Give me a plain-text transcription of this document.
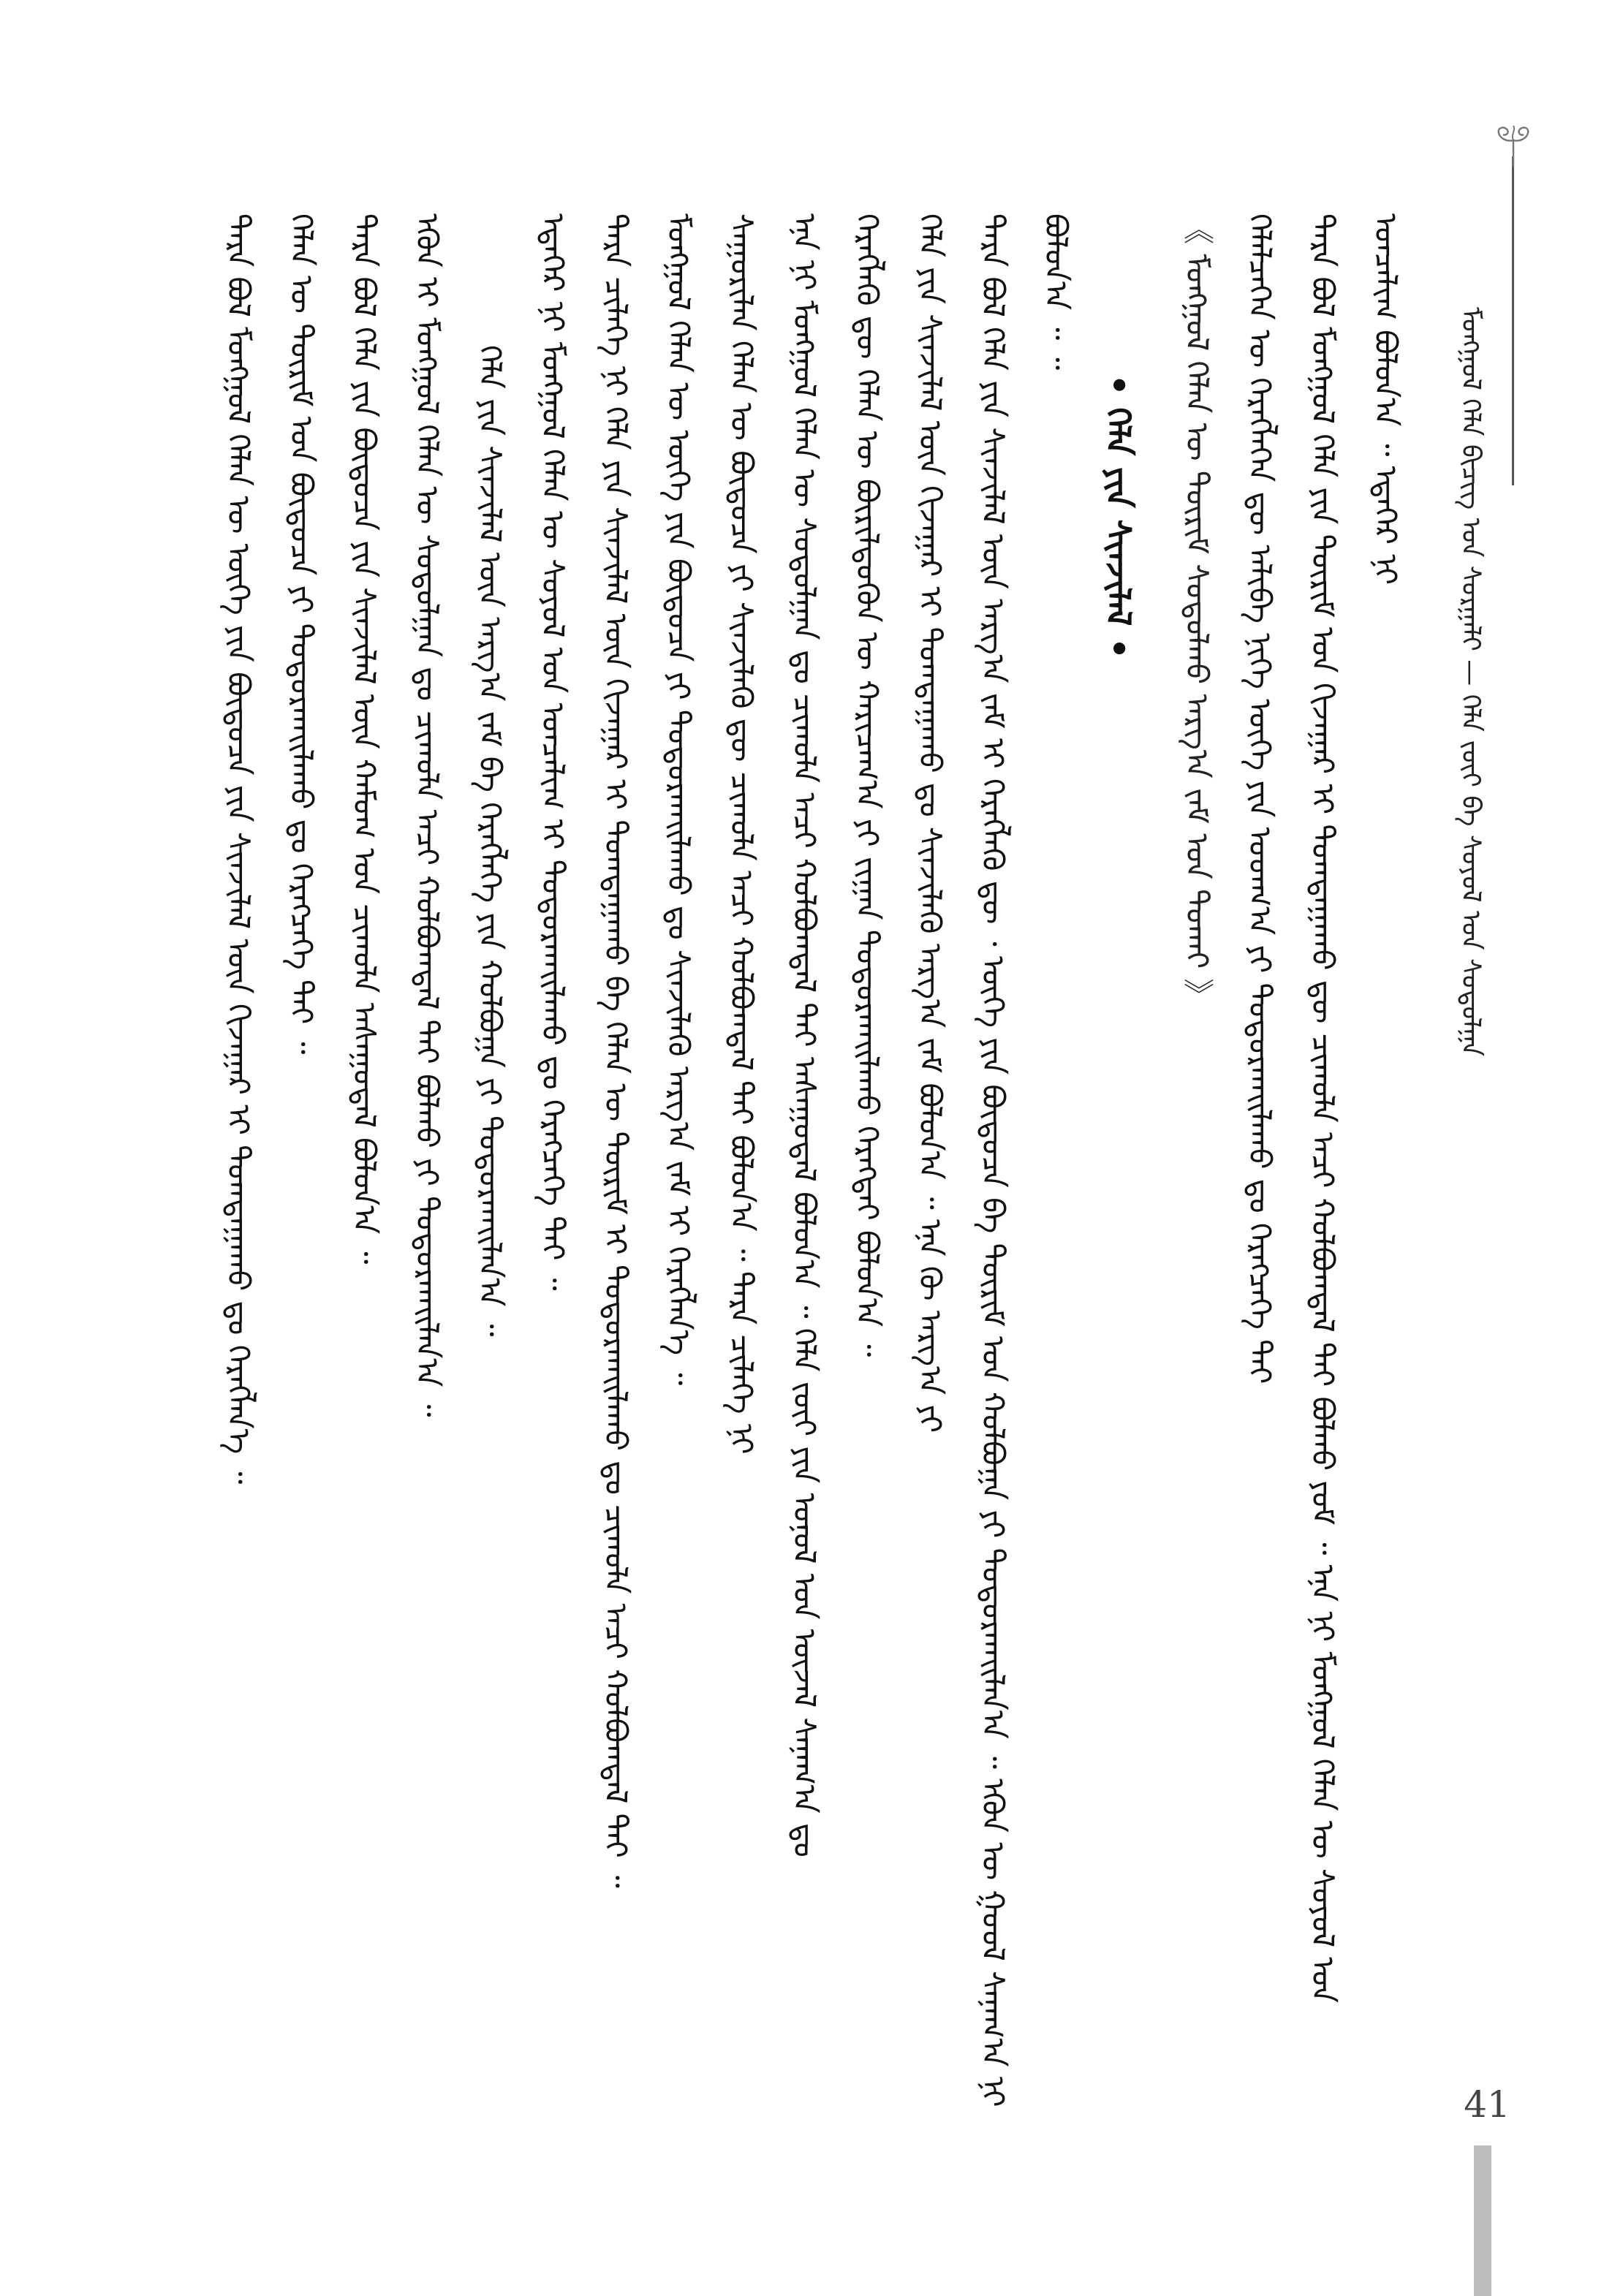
ᠮᠣᠩᠭᠣᠯ ᠬᠡᠯᠡ ᠪᠢᠴᠢᠭ ᠤᠨ ᠰᠤᠷᠭᠠᠯᠢ — ᠬᠡᠯᠡ ᠵᠦᠢ ᠪᠠ ᠰᠣᠶᠤᠯ ᠤᠨ ᠰᠤᠳᠤᠯᠭᠠ
ᠲᠡᠷᠡ ᠪᠣᠯ ᠮᠣᠩᠭᠣᠯ ᠬᠡᠯᠡᠨ ᠦ ᠦᠭᠡ ᠶᠢᠨ ᠪᠦᠲᠦᠴᠡ ᠶᠢᠨ ᠰᠢᠨᠵᠢᠯᠡᠯ ᠦᠨ ᠬᠢᠵᠠᠭᠠᠷ ᠢ ᠲᠣᠭᠲᠠᠭᠠᠬᠤ ᠳᠤ ᠬᠡᠷᠡᠭᠯᠡᠨ᠎ᠡ ᠃ ᠬᠡᠯᠡᠨ ᠦ ᠳᠦᠷᠢᠮ ᠤᠨ ᠪᠦᠲᠦᠴᠡ ᠶᠢ ᠲᠣᠳᠤᠷᠬᠠᠢᠯᠠᠬᠤ ᠳᠤ ᠬᠡᠷᠡᠭᠴᠡᠭᠡ ᠲᠠᠢ ᠃ ᠲᠡᠷᠡ ᠪᠣᠯ ᠬᠡᠯᠡ ᠶᠢᠨ ᠪᠦᠲᠦᠴᠡ ᠶᠢᠨ ᠰᠢᠨᠵᠢᠯᠡᠯ ᠦᠨ ᠬᠠᠮᠤᠭ ᠤᠨ ᠴᠢᠬᠤᠯᠠ ᠠᠰᠠᠭᠤᠳᠠᠯ ᠪᠣᠯᠤᠨ᠎ᠠ ᠃ ᠡᠭᠦᠨ ᠢ ᠮᠣᠩᠭᠣᠯ ᠬᠡᠯᠡᠨ ᠦ ᠰᠤᠳᠤᠯᠭᠠᠨ ᠳᠤ ᠴᠢᠬᠤᠯᠠ ᠠᠴᠢ ᠬᠣᠯᠪᠣᠭᠳᠠᠯ ᠲᠠᠢ ᠪᠣᠯᠬᠤ ᠶᠢ ᠲᠣᠳᠤᠷᠬᠠᠢᠯᠠᠨ᠎ᠠ ᠃ ᠬᠡᠯᠡ ᠶᠢᠨ ᠰᠢᠨᠵᠢᠯᠡᠯ ᠦᠨ ᠠᠷᠭ᠎ᠠ ᠵᠠᠮ ᠪᠠ ᠬᠡᠷᠡᠭᠯᠡᠭᠡ ᠶᠢᠨ ᠬᠣᠯᠪᠣᠭᠠ ᠶᠢ ᠲᠣᠳᠤᠷᠬᠠᠢᠯᠠᠨ᠎ᠠ ᠃ ᠡᠳᠡᠭᠡᠷ ᠨᠢ ᠮᠣᠩᠭᠣᠯ ᠬᠡᠯᠡᠨ ᠦ ᠰᠣᠶᠤᠯ ᠤᠨ ᠣᠨᠴᠠᠯᠢᠭ ᠢ ᠲᠣᠳᠤᠷᠬᠠᠢᠯᠠᠬᠤ ᠳᠤ ᠬᠡᠷᠡᠭᠴᠡᠭᠡ ᠲᠠᠢ ᠃ ᠲᠡᠷᠡ ᠴᠢᠯᠡᠭᠡ ᠨᠢ ᠬᠡᠯᠡ ᠶᠢᠨ ᠰᠢᠨᠵᠢᠯᠡᠯ ᠦᠨ ᠬᠢᠵᠠᠭᠠᠷ ᠢ ᠲᠣᠭᠲᠠᠭᠠᠬᠤ ᠪᠠ ᠬᠡᠯᠡᠨ ᠦ ᠳᠦᠷᠢᠮ ᠢ ᠲᠣᠳᠤᠷᠬᠠᠢᠯᠠᠬᠤ ᠳᠤ ᠴᠢᠬᠤᠯᠠ ᠠᠴᠢ ᠬᠣᠯᠪᠣᠭᠳᠠᠯ ᠲᠠᠢ ᠃ ᠮᠣᠩᠭᠣᠯ ᠬᠡᠯᠡᠨ ᠦ ᠦᠭᠡ ᠶᠢᠨ ᠪᠦᠲᠦᠴᠡ ᠶᠢ ᠲᠣᠳᠤᠷᠬᠠᠢᠯᠠᠬᠤ ᠳᠤ ᠰᠢᠨᠵᠢᠯᠡᠬᠦ ᠠᠷᠭ᠎ᠠ ᠵᠠᠮ ᠢ ᠬᠡᠷᠡᠭᠯᠡᠨ᠎ᠡ ᠃ ᠰᠠᠭᠤᠷᠢᠯᠠᠨ ᠬᠡᠯᠡᠨ ᠦ ᠪᠦᠲᠦᠴᠡ ᠶᠢ ᠰᠢᠨᠵᠢᠯᠡᠬᠦ ᠳᠦ ᠴᠢᠬᠤᠯᠠ ᠠᠴᠢ ᠬᠣᠯᠪᠣᠭᠳᠠᠯ ᠲᠠᠢ ᠪᠣᠯᠤᠨ᠎ᠠ ᠃ ᠲᠡᠷᠡ ᠴᠢᠯᠡᠭᠡ ᠨᠢ ᠡᠨᠡ ᠨᠢ ᠮᠣᠩᠭᠣᠯ ᠬᠡᠯᠡᠨ ᠦ ᠰᠤᠳᠤᠯᠭᠠᠨ ᠳᠤ ᠴᠢᠬᠤᠯᠠ ᠠᠴᠢ ᠬᠣᠯᠪᠣᠭᠳᠠᠯ ᠲᠠᠢ ᠠᠰᠠᠭᠤᠳᠠᠯ ᠪᠣᠯᠤᠨ᠎ᠠ ᠃ ᠬᠡᠯᠡ ᠵᠦᠢ ᠶᠢᠨ ᠣᠨᠣᠯ ᠤᠨ ᠦᠵᠡᠯ ᠰᠠᠨᠠᠭ᠎ᠠ ᠳᠤ ᠬᠡᠷᠡᠭᠯᠡᠬᠦ ᠳᠦ ᠬᠡᠯᠡᠨ ᠦ ᠪᠦᠷᠢᠯᠳᠦᠬᠦᠨ ᠦ ᠬᠠᠷᠢᠴᠠᠭ᠎ᠠ ᠶᠢ ᠵᠢᠭᠠᠨ ᠲᠣᠳᠤᠷᠬᠠᠢᠯᠠᠬᠤ ᠬᠡᠷᠡᠭᠲᠡᠢ ᠪᠣᠯᠤᠨ᠎ᠠ ᠃ ᠬᠡᠯᠡ ᠶᠢᠨ ᠰᠢᠨᠵᠢᠯᠡᠯ ᠦᠨ ᠬᠢᠵᠠᠭᠠᠷ ᠢ ᠲᠣᠭᠲᠠᠭᠠᠬᠤ ᠳᠤ ᠰᠢᠨᠵᠢᠯᠡᠬᠦ ᠠᠷᠭ᠎ᠠ ᠵᠠᠮ ᠪᠣᠯᠤᠨ᠎ᠠ ᠃ ᠡᠨᠡ ᠬᠦ ᠠᠷᠭ᠎ᠠ ᠶᠢ ᠲᠡᠷᠡ ᠪᠣᠯ ᠬᠡᠯᠡ ᠶᠢᠨ ᠰᠢᠨᠵᠢᠯᠡᠯ ᠦᠨ ᠠᠷᠭ᠎ᠠ ᠵᠠᠮ ᠢ ᠬᠡᠷᠡᠭᠯᠡᠬᠦ ᠳᠦ ᠂ ᠦᠭᠡ ᠶᠢᠨ ᠪᠦᠲᠦᠴᠡ ᠪᠠ ᠳᠦᠷᠢᠮ ᠤᠨ ᠬᠣᠯᠪᠣᠭᠠ ᠶᠢ ᠲᠣᠳᠤᠷᠬᠠᠢᠯᠠᠨ᠎ᠠ ᠃ ᠡᠭᠦᠨ ᠦ ᠭᠣᠣᠯ ᠰᠠᠨᠠᠭ᠎ᠠ ᠨᠢ ᠪᠣᠯᠤᠨ᠎ᠠ ᠃ ᠃
• ᠬᠡᠯᠡ ᠶᠢᠨ ᠰᠢᠨᠵᠢᠯᠡᠯ •	《 ᠮᠣᠩᠭᠣᠯ ᠬᠡᠯᠡᠨ ᠦ ᠳᠦᠷᠢᠮ ᠰᠤᠳᠤᠯᠬᠤ ᠠᠷᠭ᠎ᠠ ᠵᠠᠮ ᠤᠨ ᠲᠤᠬᠠᠢ 》 ᠬᠡᠯᠡᠯᠴᠡᠭᠡᠨ ᠦ ᠬᠡᠷᠡᠭᠯᠡᠭᠡᠨ ᠳᠦ ᠠᠯᠢᠪᠠ ᠨᠢᠭᠡ ᠦᠭᠡ ᠶᠢᠨ ᠤᠳᠬ᠎ᠠ ᠶᠢ ᠲᠣᠳᠤᠷᠬᠠᠢᠯᠠᠬᠤ ᠳᠤ ᠬᠡᠷᠡᠭᠴᠡᠭᠡ ᠲᠠᠢ ᠲᠡᠷᠡ ᠪᠣᠯ ᠮᠣᠩᠭᠣᠯ ᠬᠡᠯᠡ ᠶᠢᠨ ᠳᠦᠷᠢᠮ ᠤᠨ ᠬᠢᠵᠠᠭᠠᠷ ᠢ ᠲᠣᠭᠲᠠᠭᠠᠬᠤ ᠳᠦ ᠴᠢᠬᠤᠯᠠ ᠠᠴᠢ ᠬᠣᠯᠪᠣᠭᠳᠠᠯ ᠲᠠᠢ ᠪᠣᠯᠬᠤ ᠶᠤᠮ ᠃ ᠡᠨᠡ ᠨᠢ ᠮᠣᠩᠭᠣᠯ ᠬᠡᠯᠡᠨ ᠦ ᠰᠣᠶᠤᠯ ᠤᠨ ᠣᠨᠴᠠᠯᠢᠭ ᠪᠣᠯᠤᠨ᠎ᠠ ᠃ ᠡᠳᠡᠭᠡᠷ ᠨᠢ
41
